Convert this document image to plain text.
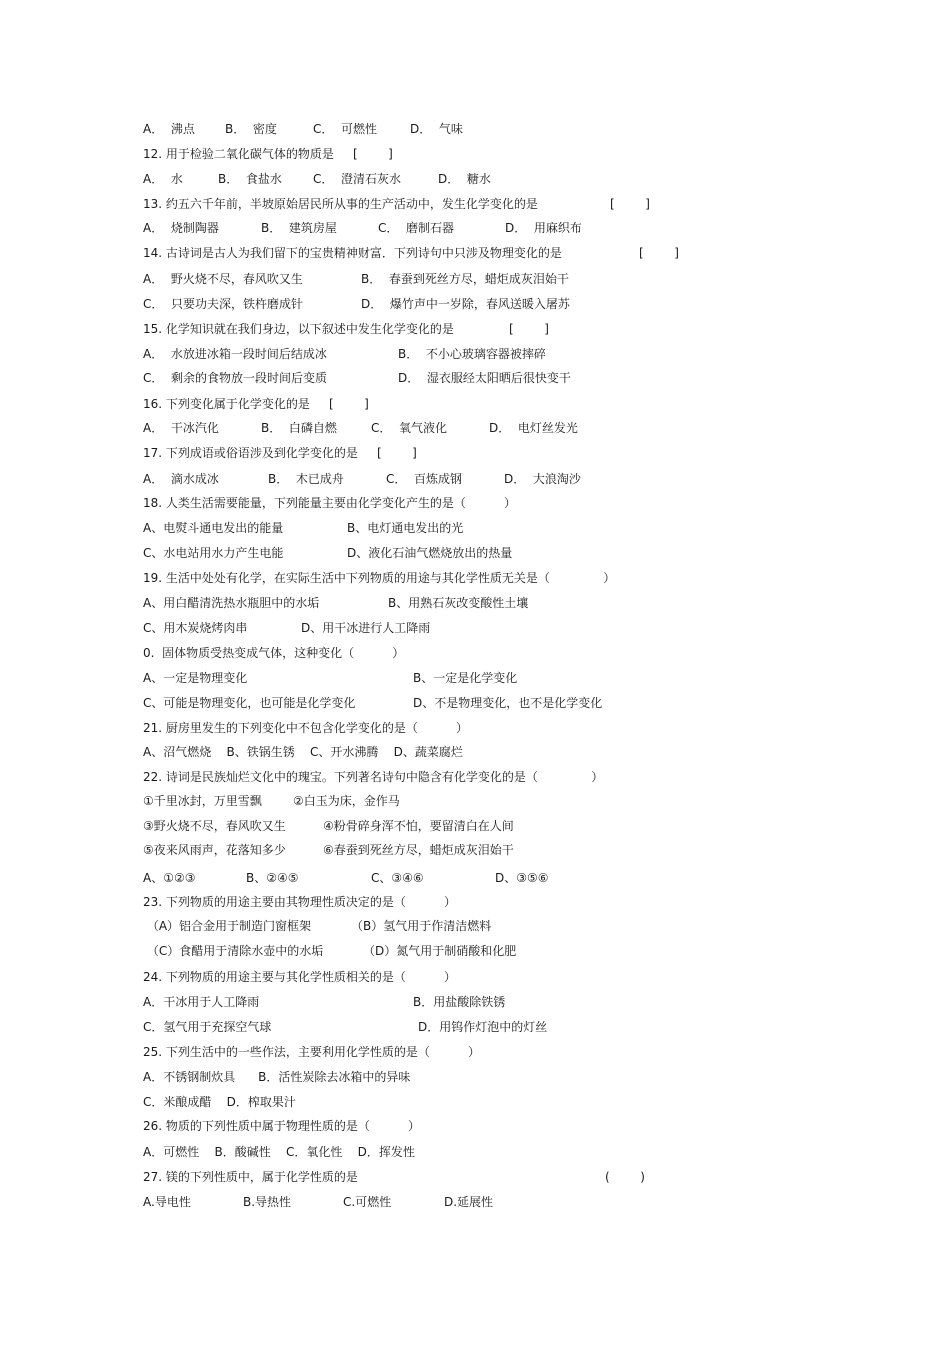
A．  沸点

	B．  密度

	C．  可燃性

	D．  气味

12. 用于检验二氧化碳气体的物质是     [        ]

A．  水

	B．  食盐水

	C．  澄清石灰水

	D．  糖水

13. 约五六千年前，半坡原始居民所从事的生产活动中，发生化学变化的是

	[        ]

A．  烧制陶器

	B．  建筑房屋

	C．  磨制石器

	D．  用麻织布

14. 古诗词是古人为我们留下的宝贵精神财富．下列诗句中只涉及物理变化的是

	[        ]

A．  野火烧不尽，春风吹又生

	B．  春蚕到死丝方尽，蜡炬成灰泪始干

C．  只要功夫深，铁杵磨成针

	D．  爆竹声中一岁除，春风送暖入屠苏

15. 化学知识就在我们身边，以下叙述中发生化学变化的是

	[        ]

A．  水放进冰箱一段时间后结成冰

	B．  不小心玻璃容器被摔碎

C．  剩余的食物放一段时间后变质

	D．  湿衣服经太阳晒后很快变干

16. 下列变化属于化学变化的是     [        ]

A．  干冰汽化

	B．  白磷自燃

	C．  氧气液化

	D．  电灯丝发光

17. 下列成语或俗语涉及到化学变化的是     [        ]

A．  滴水成冰

	B．  木已成舟

	C．  百炼成钢

	D．  大浪淘沙

18. 人类生活需要能量，下列能量主要由化学变化产生的是（          ）

A、电熨斗通电发出的能量

	B、电灯通电发出的光

C、水电站用水力产生电能

	D、液化石油气燃烧放出的热量

19. 生活中处处有化学，在实际生活中下列物质的用途与其化学性质无关是（              ）

A、用白醋清洗热水瓶胆中的水垢

	B、用熟石灰改变酸性土壤

C、用木炭烧烤肉串

	D、用干冰进行人工降雨

0.  固体物质受热变成气体，这种变化（          ）

A、一定是物理变化

	B、一定是化学变化

C、可能是物理变化，也可能是化学变化

	D、不是物理变化，也不是化学变化

21. 厨房里发生的下列变化中不包含化学变化的是（          ）

A、沼气燃烧    B、铁锅生锈    C、开水沸腾    D、蔬菜腐烂

22. 诗词是民族灿烂文化中的瑰宝。下列著名诗句中隐含有化学变化的是（              ）

①千里冰封，万里雪飘

	②白玉为床，金作马

③野火烧不尽，春风吹又生

	④粉骨碎身浑不怕，要留清白在人间

⑤夜来风雨声，花落知多少

	⑥春蚕到死丝方尽，蜡炬成灰泪始干

A、①②③

	B、②④⑤

	C、③④⑥

	D、③⑤⑥

23. 下列物质的用途主要由其物理性质决定的是（          ）

（A）铝合金用于制造门窗框架

	（B）氢气用于作清洁燃料

（C）食醋用于清除水壶中的水垢

	（D）氮气用于制硝酸和化肥

24. 下列物质的用途主要与其化学性质相关的是（          ）

A．干冰用于人工降雨

	B．用盐酸除铁锈

C．氢气用于充探空气球

	D．用钨作灯泡中的灯丝

25. 下列生活中的一些作法，主要利用化学性质的是（          ）

A．不锈钢制炊具      B．活性炭除去冰箱中的异味

C．米酿成醋    D．榨取果汁

26. 物质的下列性质中属于物理性质的是（          ）

A．可燃性    B．酸碱性    C．氧化性    D．挥发性

27. 镁的下列性质中，属于化学性质的是

	(        )

A.导电性

	B.导热性

	C.可燃性

	D.延展性
